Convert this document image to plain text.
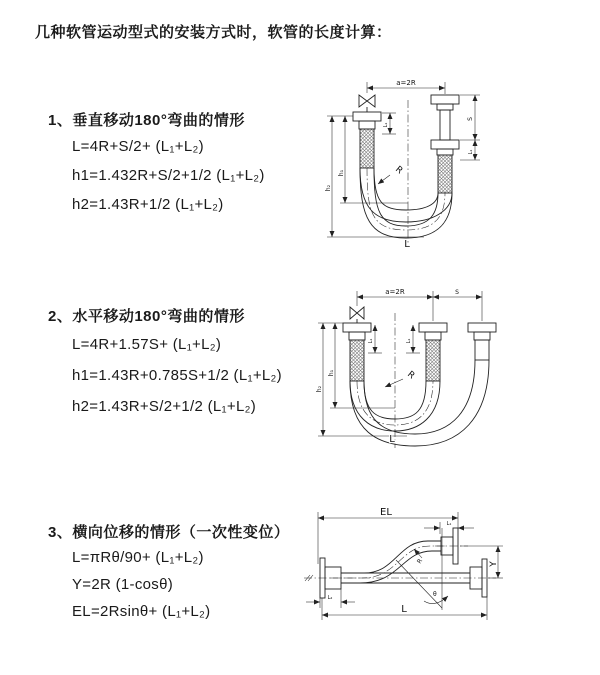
几种软管运动型式的安装方式时，软管的长度计算：
1、垂直移动180°弯曲的情形
L=4R+S/2+ (L₁+L₂)
h1=1.432R+S/2+1/2 (L₁+L₂)
h2=1.43R+1/2 (L₁+L₂)
2、水平移动180°弯曲的情形
L=4R+1.57S+ (L₁+L₂)
h1=1.43R+0.785S+1/2 (L₁+L₂)
h2=1.43R+S/2+1/2 (L₁+L₂)
3、横向位移的情形（一次性变位）
L=πRθ/90+ (L₁+L₂)
Y=2R (1-cosθ)
EL=2Rsinθ+ (L₁+L₂)
a=2R
h₁
h₂
L₁
S
L₁
R
L
a=2R	S
h₁
h₂
L₁	L₁
R
L
EL
L₁
Y
L
L₂
R
θ
